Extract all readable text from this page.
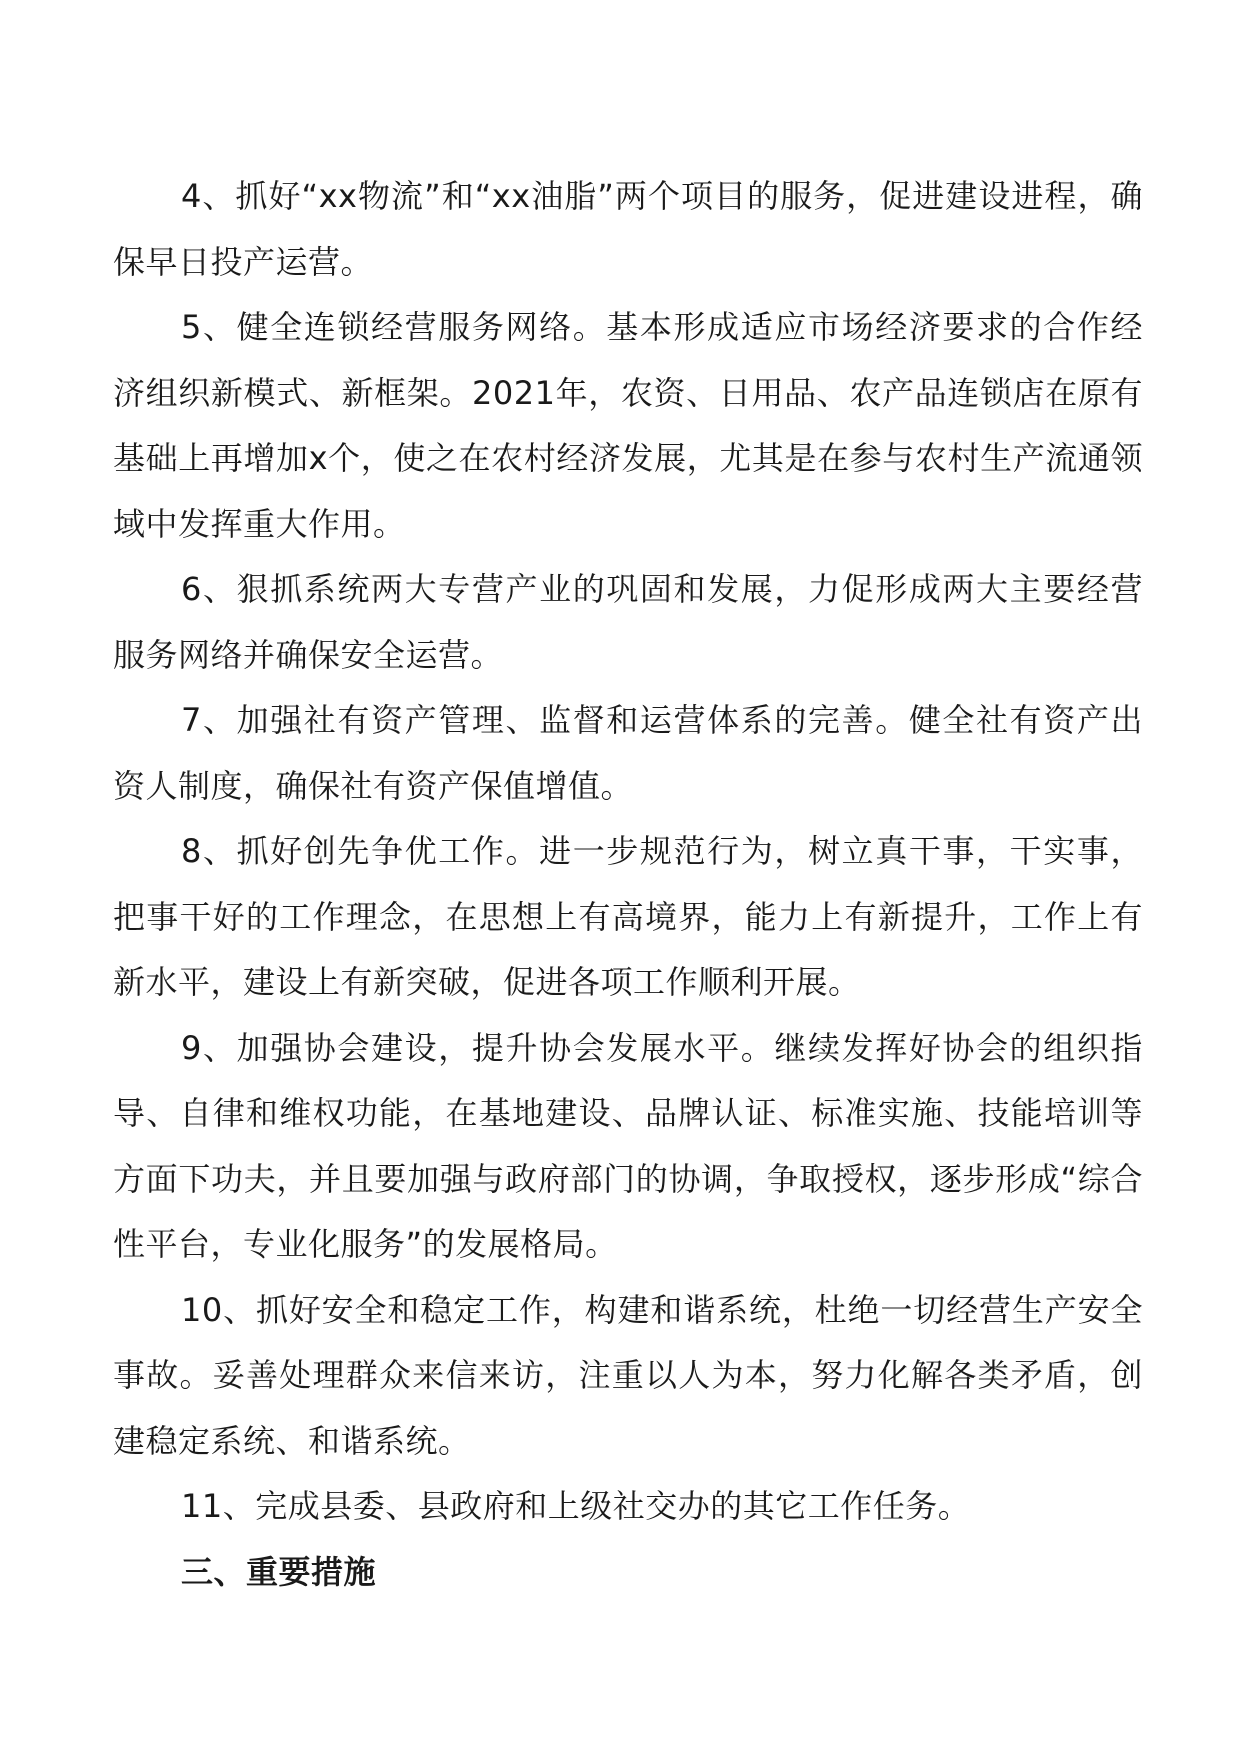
4、抓好“xx物流”和“xx油脂”两个项目的服务，促进建设进程，确保早日投产运营。

5、健全连锁经营服务网络。基本形成适应市场经济要求的合作经济组织新模式、新框架。2021年，农资、日用品、农产品连锁店在原有基础上再增加x个，使之在农村经济发展，尤其是在参与农村生产流通领域中发挥重大作用。

6、狠抓系统两大专营产业的巩固和发展，力促形成两大主要经营服务网络并确保安全运营。

7、加强社有资产管理、监督和运营体系的完善。健全社有资产出资人制度，确保社有资产保值增值。

8、抓好创先争优工作。进一步规范行为，树立真干事，干实事，把事干好的工作理念，在思想上有高境界，能力上有新提升，工作上有新水平，建设上有新突破，促进各项工作顺利开展。

9、加强协会建设，提升协会发展水平。继续发挥好协会的组织指导、自律和维权功能，在基地建设、品牌认证、标准实施、技能培训等方面下功夫，并且要加强与政府部门的协调，争取授权，逐步形成“综合性平台，专业化服务”的发展格局。

10、抓好安全和稳定工作，构建和谐系统，杜绝一切经营生产安全事故。妥善处理群众来信来访，注重以人为本，努力化解各类矛盾，创建稳定系统、和谐系统。

11、完成县委、县政府和上级社交办的其它工作任务。

三、重要措施
